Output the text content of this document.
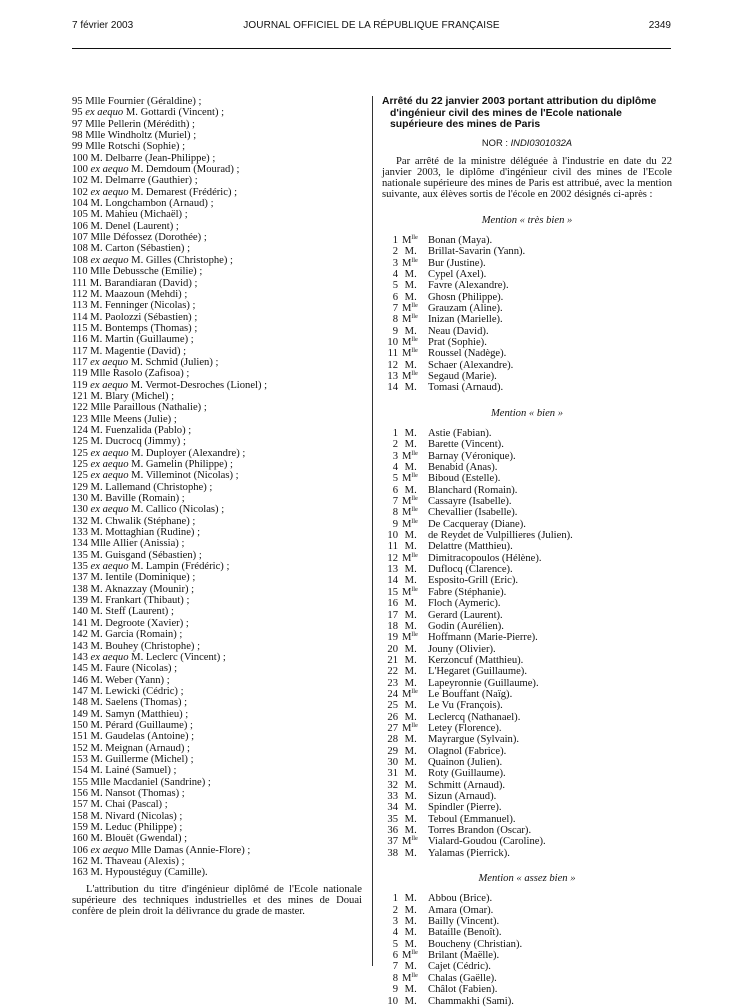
7 février 2003	JOURNAL OFFICIEL DE LA RÉPUBLIQUE FRANÇAISE	2349
95 Mlle Fournier (Géraldine) ;
95 ex aequo M. Gottardi (Vincent) ;
97 Mlle Pellerin (Mérédith) ;
98 Mlle Windholtz (Muriel) ;
99 Mlle Rotschi (Sophie) ;
100 M. Delbarre (Jean-Philippe) ;
100 ex aequo M. Demdoum (Mourad) ;
102 M. Delmarre (Gauthier) ;
102 ex aequo M. Demarest (Frédéric) ;
104 M. Longchambon (Arnaud) ;
105 M. Mahieu (Michaël) ;
106 M. Denel (Laurent) ;
107 Mlle Défossez (Dorothée) ;
108 M. Carton (Sébastien) ;
108 ex aequo M. Gilles (Christophe) ;
110 Mlle Debussche (Emilie) ;
111 M. Barandiaran (David) ;
112 M. Maazoun (Mehdi) ;
113 M. Fenninger (Nicolas) ;
114 M. Paolozzi (Sébastien) ;
115 M. Bontemps (Thomas) ;
116 M. Martin (Guillaume) ;
117 M. Magentie (David) ;
117 ex aequo M. Schmid (Julien) ;
119 Mlle Rasolo (Zafisoa) ;
119 ex aequo M. Vermot-Desroches (Lionel) ;
121 M. Blary (Michel) ;
122 Mlle Paraillous (Nathalie) ;
123 Mlle Meens (Julie) ;
124 M. Fuenzalida (Pablo) ;
125 M. Ducrocq (Jimmy) ;
125 ex aequo M. Duployer (Alexandre) ;
125 ex aequo M. Gamelin (Philippe) ;
125 ex aequo M. Villeminot (Nicolas) ;
129 M. Lallemand (Christophe) ;
130 M. Baville (Romain) ;
130 ex aequo M. Callico (Nicolas) ;
132 M. Chwalik (Stéphane) ;
133 M. Mottaghian (Rudine) ;
134 Mlle Allier (Anissia) ;
135 M. Guisgand (Sébastien) ;
135 ex aequo M. Lampin (Frédéric) ;
137 M. Ientile (Dominique) ;
138 M. Aknazzay (Mounir) ;
139 M. Frankart (Thibaut) ;
140 M. Steff (Laurent) ;
141 M. Degroote (Xavier) ;
142 M. Garcia (Romain) ;
143 M. Bouhey (Christophe) ;
143 ex aequo M. Leclerc (Vincent) ;
145 M. Faure (Nicolas) ;
146 M. Weber (Yann) ;
147 M. Lewicki (Cédric) ;
148 M. Saelens (Thomas) ;
149 M. Samyn (Matthieu) ;
150 M. Pérard (Guillaume) ;
151 M. Gaudelas (Antoine) ;
152 M. Meignan (Arnaud) ;
153 M. Guillerme (Michel) ;
154 M. Lainé (Samuel) ;
155 Mlle Macdaniel (Sandrine) ;
156 M. Nansot (Thomas) ;
157 M. Chai (Pascal) ;
158 M. Nivard (Nicolas) ;
159 M. Leduc (Philippe) ;
160 M. Blouët (Gwendal) ;
106 ex aequo Mlle Damas (Annie-Flore) ;
162 M. Thaveau (Alexis) ;
163 M. Hypoustéguy (Camille).

L'attribution du titre d'ingénieur diplômé de l'Ecole nationale supérieure des techniques industrielles et des mines de Douai confère de plein droit la délivrance du grade de master.

Arrêté du 22 janvier 2003 portant attribution du diplôme d'ingénieur civil des mines de l'Ecole nationale supérieure des mines de Paris

NOR : INDI0301032A

Par arrêté de la ministre déléguée à l'industrie en date du 22 janvier 2003, le diplôme d'ingénieur civil des mines de l'Ecole nationale supérieure des mines de Paris est attribué, avec la mention suivante, aux élèves sortis de l'école en 2002 désignés ci-après :

Mention « très bien »
1 $M^{lle}$ Bonan (Maya).
2 M.	Brillat-Savarin (Yann).
3 $M^{lle}$ Bur (Justine).
4 M.	Cypel (Axel).
5 M.	Favre (Alexandre).
6 M.	Ghosn (Philippe).
7 $M^{lle}$ Grauzam (Aline).
8 $M^{lle}$ Inizan (Marielle).
9 M.	Neau (David).
10 $M^{lle}$ Prat (Sophie).
11 $M^{lle}$ Roussel (Nadège).
12 M.	Schaer (Alexandre).
13 $M^{lle}$ Segaud (Marie).
14 M.	Tomasi (Arnaud).
Mention « bien »
1 M.	Astie (Fabian).
2 M.	Barette (Vincent).
3 $M^{lle}$ Barnay (Véronique).
4 M.	Benabid (Anas).
5 $M^{lle}$ Biboud (Estelle).
6 M.	Blanchard (Romain).
7 $M^{lle}$ Cassayre (Isabelle).
8 $M^{lle}$ Chevallier (Isabelle).
9 $M^{lle}$ De Cacqueray (Diane).
10 M.	de Reydet de Vulpillieres (Julien).
11 M.	Delattre (Matthieu).
12 $M^{lle}$ Dimitracopoulos (Hélène).
13 M.	Duflocq (Clarence).
14 M.	Esposito-Grill (Eric).
15 $M^{lle}$ Fabre (Stéphanie).
16 M.	Floch (Aymeric).
17 M.	Gerard (Laurent).
18 M.	Godin (Aurélien).
19 $M^{lle}$ Hoffmann (Marie-Pierre).
20 M.	Jouny (Olivier).
21 M.	Kerzoncuf (Matthieu).
22 M.	L'Hegaret (Guillaume).
23 M.	Lapeyronnie (Guillaume).
24 $M^{lle}$ Le Bouffant (Naïg).
25 M.	Le Vu (François).
26 M.	Leclercq (Nathanael).
27 $M^{lle}$ Letey (Florence).
28 M.	Mayrargue (Sylvain).
29 M.	Olagnol (Fabrice).
30 M.	Quainon (Julien).
31 M.	Roty (Guillaume).
32 M.	Schmitt (Arnaud).
33 M.	Sizun (Arnaud).
34 M.	Spindler (Pierre).
35 M.	Teboul (Emmanuel).
36 M.	Torres Brandon (Oscar).
37 $M^{lle}$ Vialard-Goudou (Caroline).
38 M.	Yalamas (Pierrick).
Mention « assez bien »
1 M.	Abbou (Brice).
2 M.	Amara (Omar).
3 M.	Bailly (Vincent).
4 M.	Bataille (Benoît).
5 M.	Boucheny (Christian).
6 $M^{lle}$ Brilant (Maëlle).
7 M.	Cajet (Cédric).
8 $M^{lle}$ Chalas (Gaëlle).
9 M.	Châlot (Fabien).
10 M.	Chammakhi (Sami).
